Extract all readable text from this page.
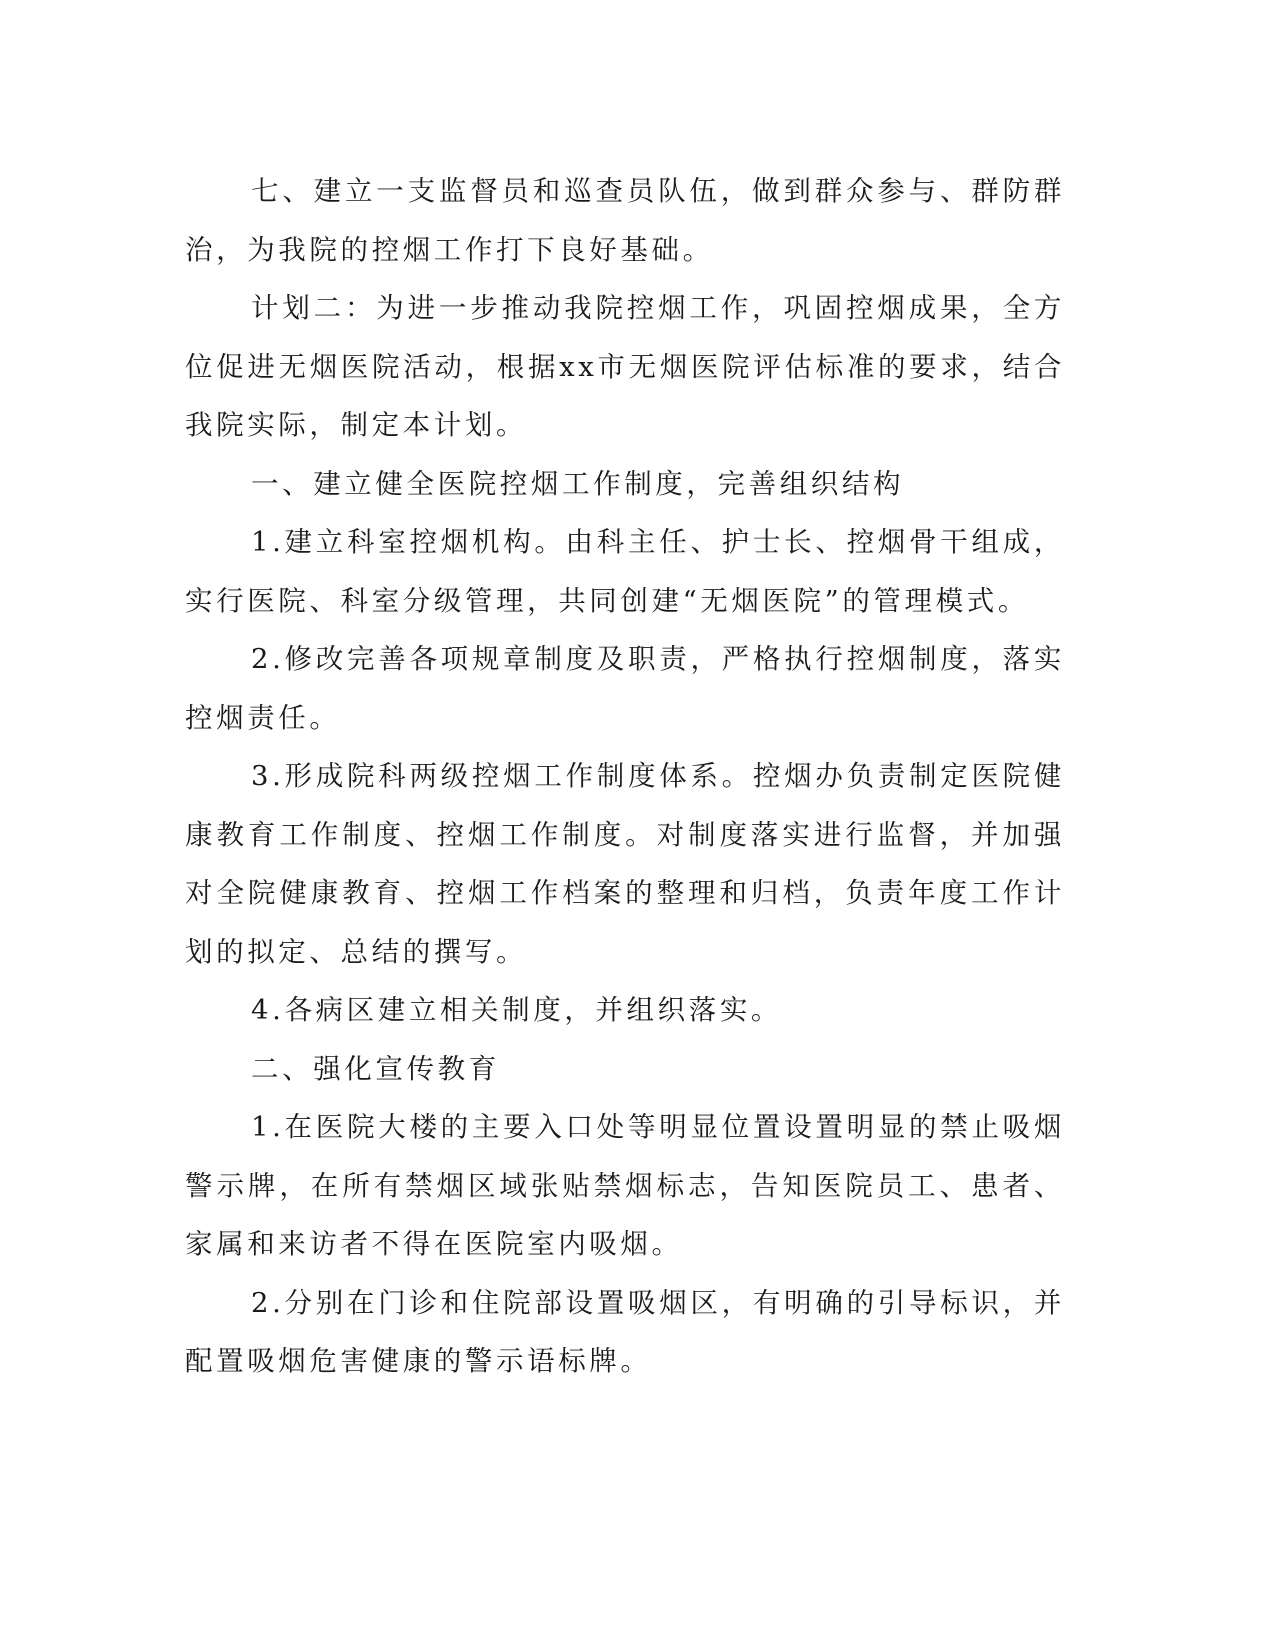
七、建立一支监督员和巡查员队伍，做到群众参与、群防群治，为我院的控烟工作打下良好基础。

计划二：为进一步推动我院控烟工作，巩固控烟成果，全方位促进无烟医院活动，根据xx市无烟医院评估标准的要求，结合我院实际，制定本计划。

一、建立健全医院控烟工作制度，完善组织结构

1.建立科室控烟机构。由科主任、护士长、控烟骨干组成，实行医院、科室分级管理，共同创建“无烟医院”的管理模式。

2.修改完善各项规章制度及职责，严格执行控烟制度，落实控烟责任。

3.形成院科两级控烟工作制度体系。控烟办负责制定医院健康教育工作制度、控烟工作制度。对制度落实进行监督，并加强对全院健康教育、控烟工作档案的整理和归档，负责年度工作计划的拟定、总结的撰写。

4.各病区建立相关制度，并组织落实。

二、强化宣传教育

1.在医院大楼的主要入口处等明显位置设置明显的禁止吸烟警示牌，在所有禁烟区域张贴禁烟标志，告知医院员工、患者、家属和来访者不得在医院室内吸烟。

2.分别在门诊和住院部设置吸烟区，有明确的引导标识，并配置吸烟危害健康的警示语标牌。
